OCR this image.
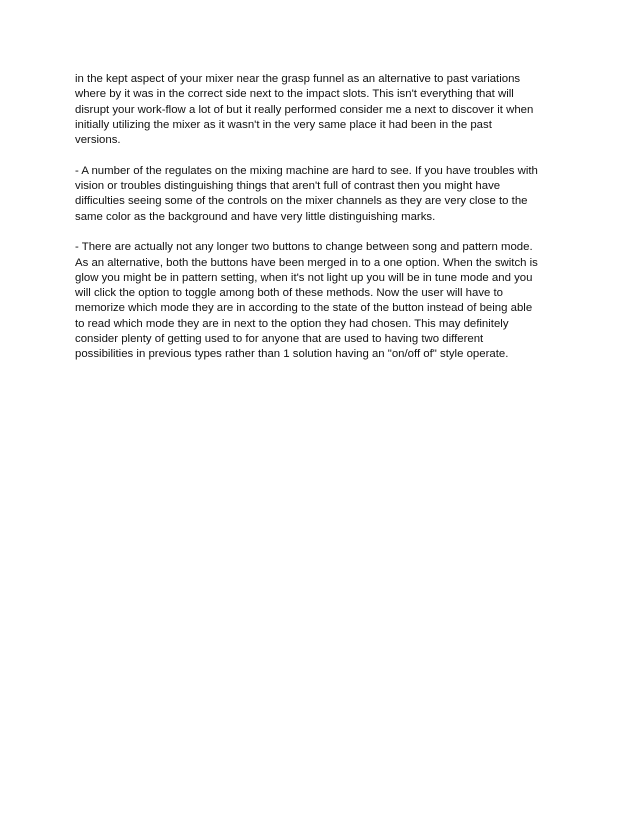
in the kept aspect of your mixer near the grasp funnel as an alternative to past variations
where by it was in the correct side next to the impact slots. This isn't everything that will
disrupt your work-flow a lot of but it really performed consider me a next to discover it when
initially utilizing the mixer as it wasn't in the very same place it had been in the past
versions.

- A number of the regulates on the mixing machine are hard to see. If you have troubles with
vision or troubles distinguishing things that aren't full of contrast then you might have
difficulties seeing some of the controls on the mixer channels as they are very close to the
same color as the background and have very little distinguishing marks.

- There are actually not any longer two buttons to change between song and pattern mode.
As an alternative, both the buttons have been merged in to a one option. When the switch is
glow you might be in pattern setting, when it's not light up you will be in tune mode and you
will click the option to toggle among both of these methods. Now the user will have to
memorize which mode they are in according to the state of the button instead of being able
to read which mode they are in next to the option they had chosen. This may definitely
consider plenty of getting used to for anyone that are used to having two different
possibilities in previous types rather than 1 solution having an "on/off of" style operate.
